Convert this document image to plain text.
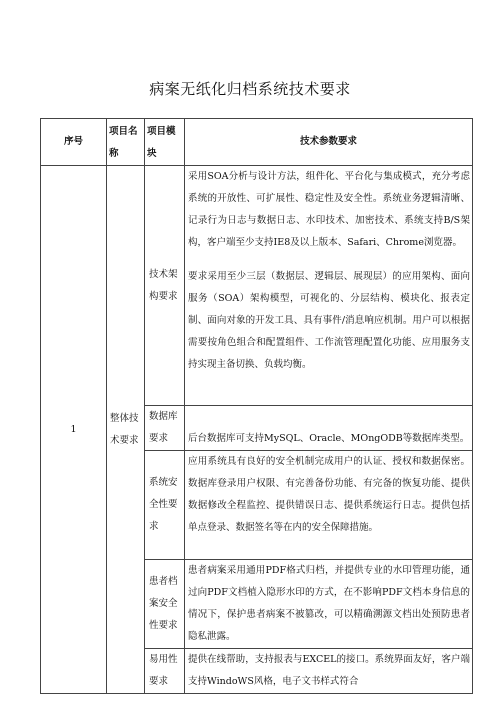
病案无纸化归档系统技术要求
序号	项目名称	项目模块	技术参数要求
1	整体技术要求	技术架构要求	采用SOA分析与设计方法，组件化、平台化与集成模式，充分考虑系统的开放性、可扩展性、稳定性及安全性。系统业务逻辑清晰、记录行为日志与数据日志、水印技术、加密技术、系统支持B/S架构，客户端至少支持IE8及以上版本、Safari、Chrome浏览器。
要求采用至少三层（数据层、逻辑层、展现层）的应用架构、面向服务（SOA）架构模型，可视化的、分层结构、模块化、报表定制、面向对象的开发工具、具有事件/消息响应机制。用户可以根据需要按角色组合和配置组件、工作流管理配置化功能、应用服务支持实现主备切换、负载均衡。

		数据库要求	后台数据库可支持MySQL、Oracle、MOngODB等数据库类型。

		系统安全性要求	应用系统具有良好的安全机制完成用户的认证、授权和数据保密。数据库登录用户权限、有完善备份功能、有完备的恢复功能、提供数据修改全程监控、提供错误日志、提供系统运行日志。提供包括单点登录、数据签名等在内的安全保障措施。

		患者档案安全性要求	患者病案采用通用PDF格式归档，并提供专业的水印管理功能，通过向PDF文档植入隐形水印的方式，在不影响PDF文档本身信息的情况下，保护患者病案不被篡改，可以精确溯源文档出处预防患者隐私泄露。

		易用性要求	提供在线帮助，支持报表与EXCEL的接口。系统界面友好，客户端支持WindoWS风格，电子文书样式符合
